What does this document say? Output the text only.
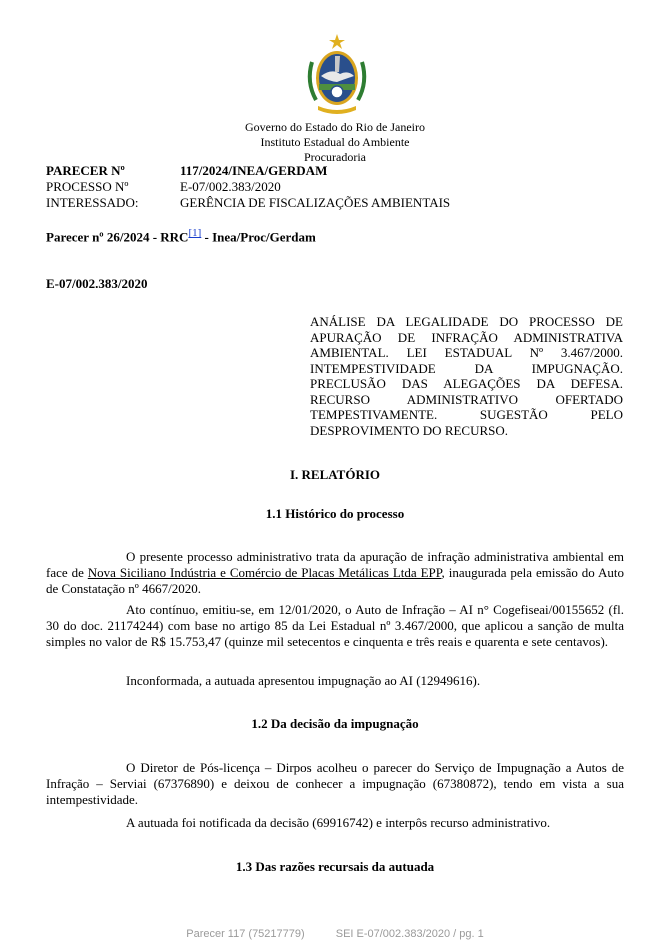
Governo do Estado do Rio de Janeiro
Instituto Estadual do Ambiente
Procuradoria
PARECER Nº	117/2024/INEA/GERDAM
PROCESSO Nº	E-07/002.383/2020
INTERESSADO:	GERÊNCIA DE FISCALIZAÇÕES AMBIENTAIS
Parecer nº 26/2024 - RRC[1] - Inea/Proc/Gerdam
E-07/002.383/2020
ANÁLISE DA LEGALIDADE DO PROCESSO DE APURAÇÃO DE INFRAÇÃO ADMINISTRATIVA AMBIENTAL. LEI ESTADUAL Nº 3.467/2000. INTEMPESTIVIDADE DA IMPUGNAÇÃO. PRECLUSÃO DAS ALEGAÇÕES DA DEFESA. RECURSO ADMINISTRATIVO OFERTADO TEMPESTIVAMENTE. SUGESTÃO PELO DESPROVIMENTO DO RECURSO.
I. RELATÓRIO
1.1 Histórico do processo
O presente processo administrativo trata da apuração de infração administrativa ambiental em face de Nova Siciliano Indústria e Comércio de Placas Metálicas Ltda EPP, inaugurada pela emissão do Auto de Constatação nº 4667/2020.
Ato contínuo, emitiu-se, em 12/01/2020, o Auto de Infração – AI n° Cogefiseai/00155652 (fl. 30 do doc. 21174244) com base no artigo 85 da Lei Estadual nº 3.467/2000, que aplicou a sanção de multa simples no valor de R$ 15.753,47 (quinze mil setecentos e cinquenta e três reais e quarenta e sete centavos).
Inconformada, a autuada apresentou impugnação ao AI (12949616).
1.2 Da decisão da impugnação
O Diretor de Pós-licença – Dirpos acolheu o parecer do Serviço de Impugnação a Autos de Infração – Serviai (67376890) e deixou de conhecer a impugnação (67380872), tendo em vista a sua intempestividade.
A autuada foi notificada da decisão (69916742) e interpôs recurso administrativo.
1.3 Das razões recursais da autuada
Parecer 117 (75217779)	SEI E-07/002.383/2020 / pg. 1
